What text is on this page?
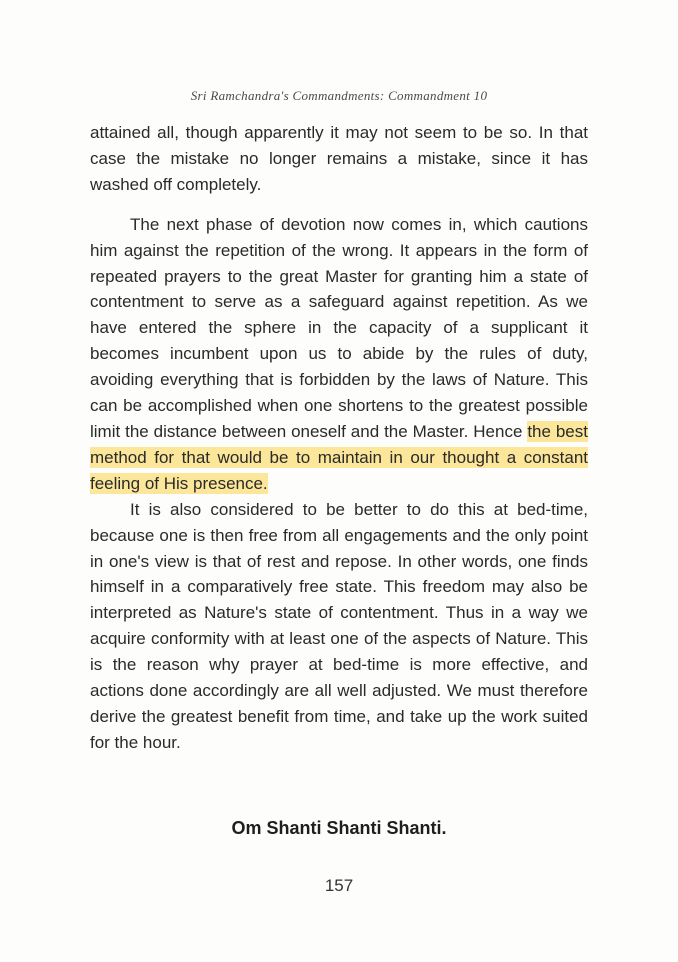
Sri Ramchandra's Commandments: Commandment 10

attained all, though apparently it may not seem to be so. In that case the mistake no longer remains a mistake, since it has washed off completely.

The next phase of devotion now comes in, which cautions him against the repetition of the wrong. It appears in the form of repeated prayers to the great Master for granting him a state of contentment to serve as a safeguard against repetition. As we have entered the sphere in the capacity of a supplicant it becomes incumbent upon us to abide by the rules of duty, avoiding everything that is forbidden by the laws of Nature. This can be accomplished when one shortens to the greatest possible limit the distance between oneself and the Master. Hence the best method for that would be to maintain in our thought a constant feeling of His presence.

It is also considered to be better to do this at bed-time, because one is then free from all engagements and the only point in one's view is that of rest and repose. In other words, one finds himself in a comparatively free state. This freedom may also be interpreted as Nature's state of contentment. Thus in a way we acquire conformity with at least one of the aspects of Nature. This is the reason why prayer at bed-time is more effective, and actions done accordingly are all well adjusted. We must therefore derive the greatest benefit from time, and take up the work suited for the hour.

Om Shanti Shanti Shanti.
157
